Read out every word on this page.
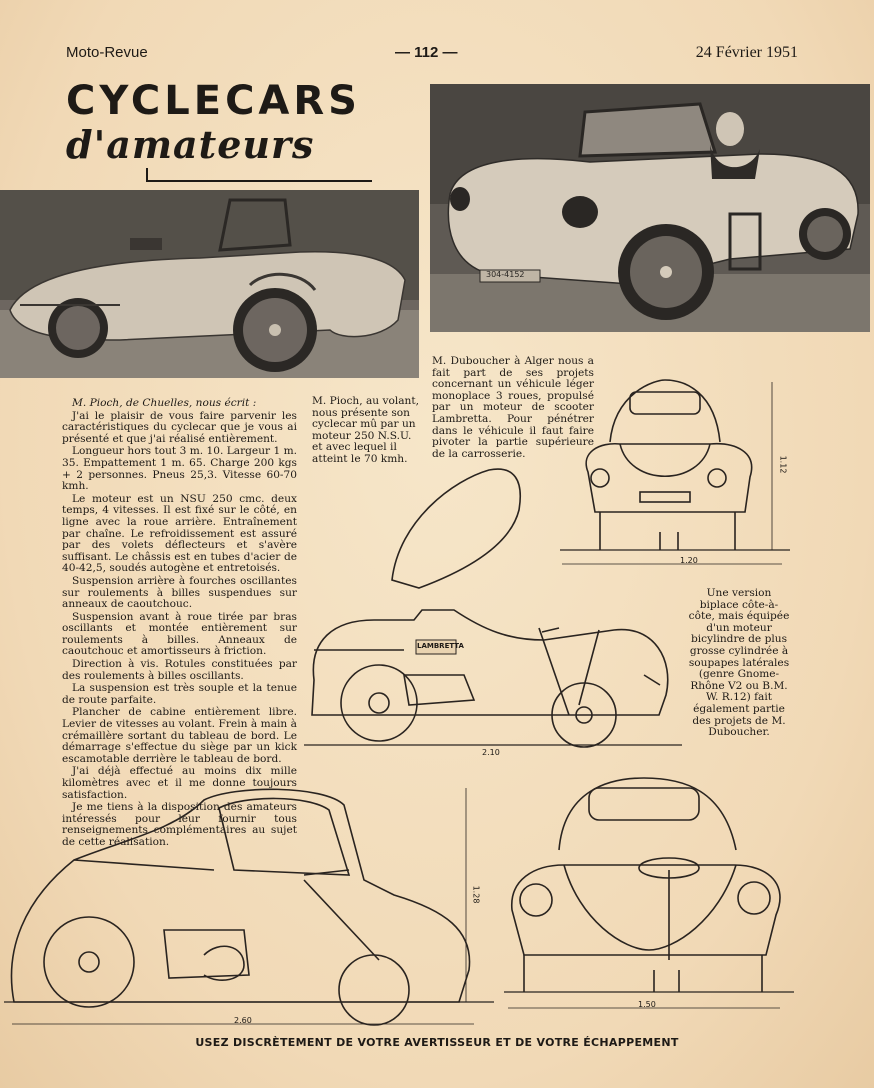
Moto-Revue	— 112 —	24 Février 1951
CYCLECARS
d'amateurs
304-4152

M. Pioch, de Chuelles, nous écrit :

J'ai le plaisir de vous faire parvenir les caractéristiques du cyclecar que je vous ai présenté et que j'ai réalisé entièrement.

Longueur hors tout 3 m. 10. Largeur 1 m. 35. Empattement 1 m. 65. Charge 200 kgs + 2 personnes. Pneus 25,3. Vitesse 60-70 kmh.

Le moteur est un NSU 250 cmc. deux temps, 4 vitesses. Il est fixé sur le côté, en ligne avec la roue arrière. Entraînement par chaîne. Le refroidissement est assuré par des volets déflecteurs et s'avère suffisant. Le châssis est en tubes d'acier de 40-42,5, soudés autogène et entretoisés.

Suspension arrière à fourches oscillantes sur roulements à billes suspendues sur anneaux de caoutchouc.

Suspension avant à roue tirée par bras oscillants et montée entièrement sur roulements à billes. Anneaux de caoutchouc et amortisseurs à friction.

Direction à vis. Rotules constituées par des roulements à billes oscillants.

La suspension est très souple et la tenue de route parfaite.

Plancher de cabine entièrement libre. Levier de vitesses au volant. Frein à main à crémaillère sortant du tableau de bord. Le démarrage s'effectue du siège par un kick escamotable derrière le tableau de bord.

J'ai déjà effectué au moins dix mille kilomètres avec et il me donne toujours satisfaction.

Je me tiens à la disposition des amateurs intéressés pour leur fournir tous renseignements complémentaires au sujet de cette réalisation.

M. Pioch, au volant, nous présente son cyclecar mû par un moteur 250 N.S.U. et avec lequel il atteint le 70 kmh.

M. Duboucher à Alger nous a fait part de ses projets concernant un véhicule léger monoplace 3 roues, propulsé par un moteur de scooter Lambretta. Pour pénétrer dans le véhicule il faut faire pivoter la partie supérieure de la carrosserie.

Une version biplace côte-à-côte, mais équipée d'un moteur bicylindre de plus grosse cylindrée à soupapes latérales (genre Gnome-Rhône V2 ou B.M. W. R.12) fait également partie des projets de M. Duboucher.

1.12
1.20
LAMBRETTA
2.10
2.60
1.28
1.50
USEZ DISCRÈTEMENT DE VOTRE AVERTISSEUR ET DE VOTRE ÉCHAPPEMENT
